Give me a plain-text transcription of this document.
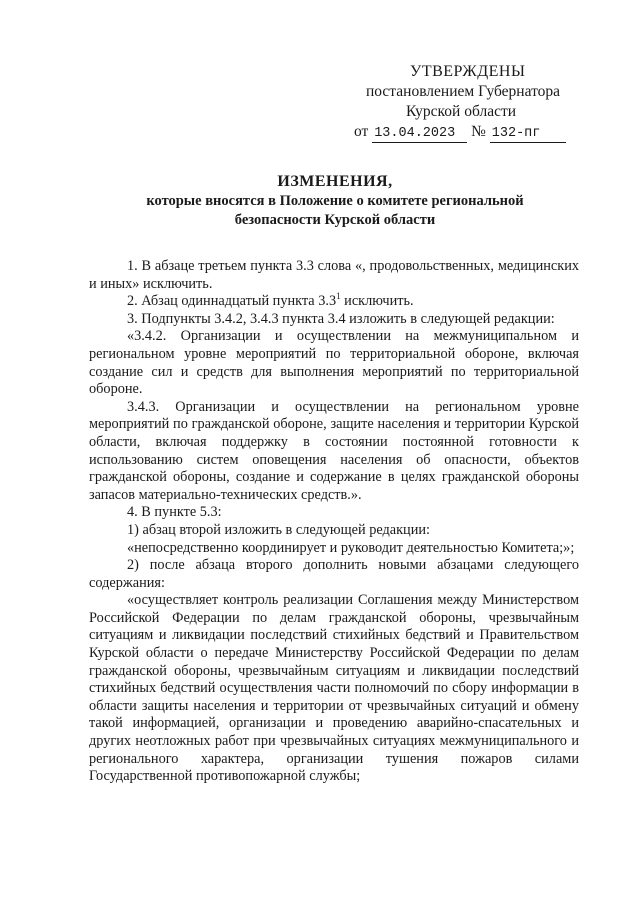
УТВЕРЖДЕНЫ
постановлением Губернатора
Курской области
от 13.04.2023 № 132-пг
ИЗМЕНЕНИЯ,
которые вносятся в Положение о комитете региональной
безопасности Курской области

1. В абзаце третьем пункта 3.3 слова «, продовольственных, медицинских и иных» исключить.

2. Абзац одиннадцатый пункта $3.3^1$ исключить.

3. Подпункты 3.4.2, 3.4.3 пункта 3.4 изложить в следующей редакции:

«3.4.2. Организации и осуществлении на межмуниципальном и региональном уровне мероприятий по территориальной обороне, включая создание сил и средств для выполнения мероприятий по территориальной обороне.

3.4.3. Организации и осуществлении на региональном уровне мероприятий по гражданской обороне, защите населения и территории Курской области, включая поддержку в состоянии постоянной готовности к использованию систем оповещения населения об опасности, объектов гражданской обороны, создание и содержание в целях гражданской обороны запасов материально-технических средств.».

4. В пункте 5.3:

1) абзац второй изложить в следующей редакции:

«непосредственно координирует и руководит деятельностью Комитета;»;

2) после абзаца второго дополнить новыми абзацами следующего содержания:

«осуществляет контроль реализации Соглашения между Министерством Российской Федерации по делам гражданской обороны, чрезвычайным ситуациям и ликвидации последствий стихийных бедствий и Правительством Курской области о передаче Министерству Российской Федерации по делам гражданской обороны, чрезвычайным ситуациям и ликвидации последствий стихийных бедствий осуществления части полномочий по сбору информации в области защиты населения и территории от чрезвычайных ситуаций и обмену такой информацией, организации и проведению аварийно-спасательных и других неотложных работ при чрезвычайных ситуациях межмуниципального и регионального характера, организации тушения пожаров силами Государственной противопожарной службы;
